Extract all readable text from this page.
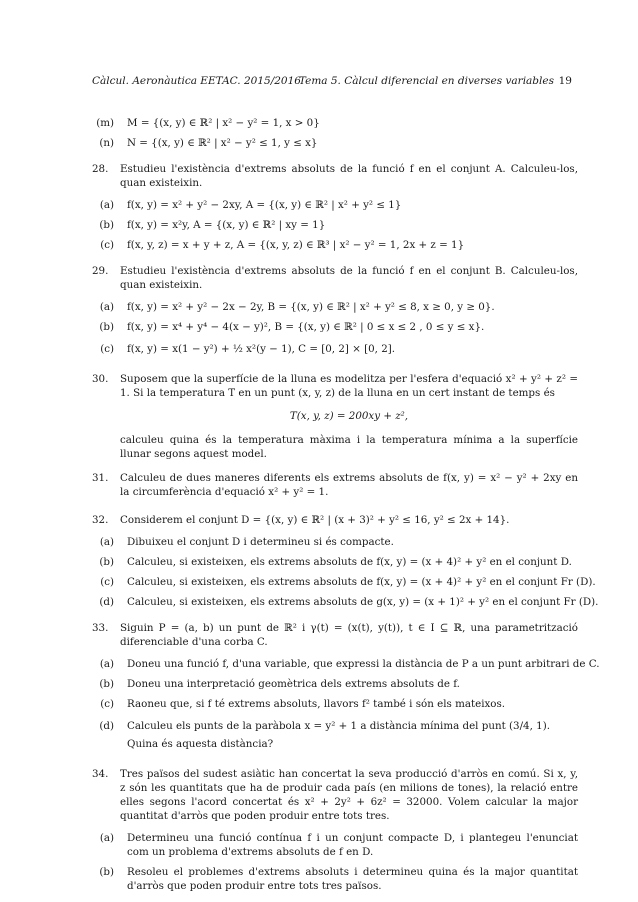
Càlcul. Aeronàutica EETAC. 2015/2016
Tema 5. Càlcul diferencial en diverses variables 19
(m) M = {(x, y) ∈ ℝ² | x² − y² = 1, x > 0}
(n) N = {(x, y) ∈ ℝ² | x² − y² ≤ 1, y ≤ x}
28. Estudieu l'existència d'extrems absoluts de la funció f en el conjunt A. Calculeu-los, quan existeixin.
(a) f(x, y) = x² + y² − 2xy, A = {(x, y) ∈ ℝ² | x² + y² ≤ 1}
(b) f(x, y) = x²y, A = {(x, y) ∈ ℝ² | xy = 1}
(c) f(x, y, z) = x + y + z, A = {(x, y, z) ∈ ℝ³ | x² − y² = 1, 2x + z = 1}
29. Estudieu l'existència d'extrems absoluts de la funció f en el conjunt B. Calculeu-los, quan existeixin.
(a) f(x, y) = x² + y² − 2x − 2y, B = {(x, y) ∈ ℝ² | x² + y² ≤ 8, x ≥ 0, y ≥ 0}.
(b) f(x, y) = x⁴ + y⁴ − 4(x − y)², B = {(x, y) ∈ ℝ² | 0 ≤ x ≤ 2 , 0 ≤ y ≤ x}.
(c) f(x, y) = x(1 − y²) + ½ x²(y − 1), C = [0, 2] × [0, 2].
30. Suposem que la superfície de la lluna es modelitza per l'esfera d'equació x² + y² + z² = 1. Si la temperatura T en un punt (x, y, z) de la lluna en un cert instant de temps és
T(x, y, z) = 200xy + z²,
calculeu quina és la temperatura màxima i la temperatura mínima a la superfície llunar segons aquest model.
31. Calculeu de dues maneres diferents els extrems absoluts de f(x, y) = x² − y² + 2xy en la circumferència d'equació x² + y² = 1.
32. Considerem el conjunt D = {(x, y) ∈ ℝ² | (x + 3)² + y² ≤ 16, y² ≤ 2x + 14}.
(a) Dibuixeu el conjunt D i determineu si és compacte.
(b) Calculeu, si existeixen, els extrems absoluts de f(x, y) = (x + 4)² + y² en el conjunt D.
(c) Calculeu, si existeixen, els extrems absoluts de f(x, y) = (x + 4)² + y² en el conjunt Fr (D).
(d) Calculeu, si existeixen, els extrems absoluts de g(x, y) = (x + 1)² + y² en el conjunt Fr (D).
33. Siguin P = (a, b) un punt de ℝ² i γ(t) = (x(t), y(t)), t ∈ I ⊆ ℝ, una parametrització diferenciable d'una corba C.
(a) Doneu una funció f, d'una variable, que expressi la distància de P a un punt arbitrari de C.
(b) Doneu una interpretació geomètrica dels extrems absoluts de f.
(c) Raoneu que, si f té extrems absoluts, llavors f² també i són els mateixos.
(d) Calculeu els punts de la paràbola x = y² + 1 a distància mínima del punt (3/4, 1).
Quina és aquesta distància?
34. Tres països del sudest asiàtic han concertat la seva producció d'arròs en comú. Si x, y, z són les quantitats que ha de produir cada país (en milions de tones), la relació entre elles segons l'acord concertat és x² + 2y² + 6z² = 32000. Volem calcular la major quantitat d'arròs que poden produir entre tots tres.
(a) Determineu una funció contínua f i un conjunt compacte D, i plantegeu l'enunciat com un problema d'extrems absoluts de f en D.
(b) Resoleu el problemes d'extrems absoluts i determineu quina és la major quantitat d'arròs que poden produir entre tots tres països.
